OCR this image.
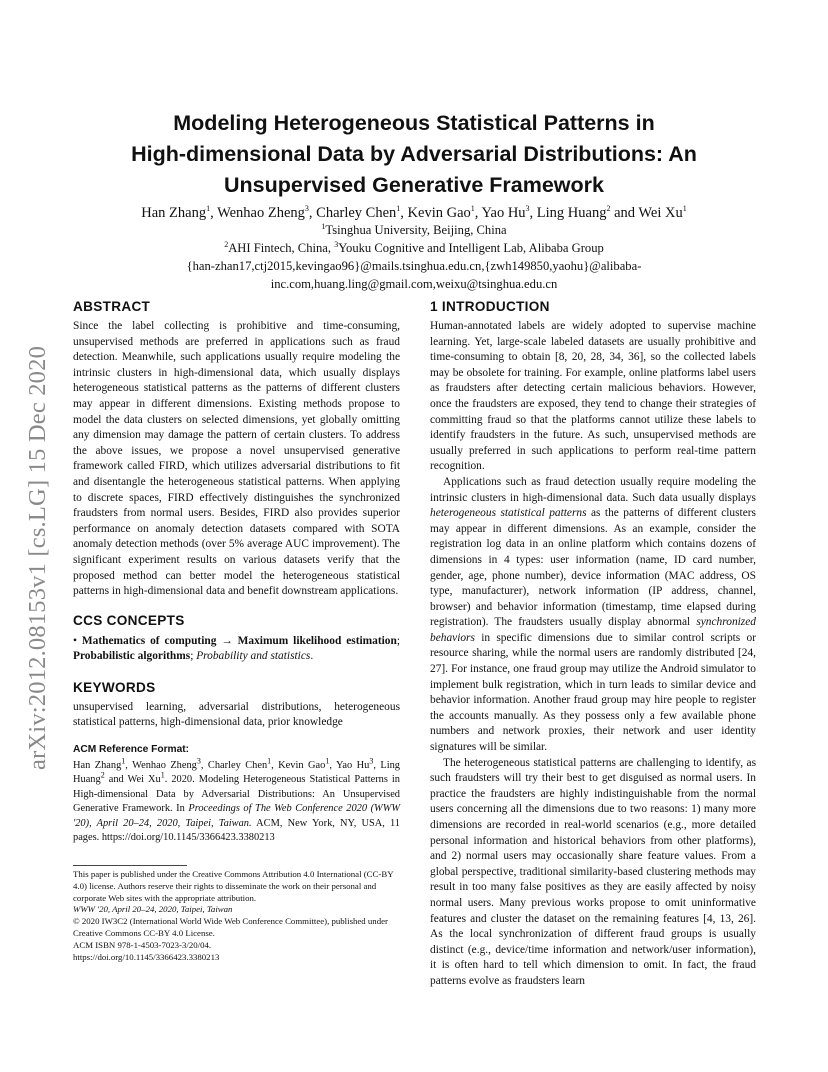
arXiv:2012.08153v1 [cs.LG] 15 Dec 2020
Modeling Heterogeneous Statistical Patterns in
High-dimensional Data by Adversarial Distributions: An
Unsupervised Generative Framework
Han Zhang$^1$, Wenhao Zheng$^3$, Charley Chen$^1$, Kevin Gao$^1$, Yao Hu$^3$, Ling Huang$^2$ and Wei Xu$^1$
$^1$Tsinghua University, Beijing, China
$^2$AHI Fintech, China, $^3$Youku Cognitive and Intelligent Lab, Alibaba Group
{han-zhan17,ctj2015,kevingao96}@mails.tsinghua.edu.cn,{zwh149850,yaohu}@alibaba-
inc.com,huang.ling@gmail.com,weixu@tsinghua.edu.cn
ABSTRACT

Since the label collecting is prohibitive and time-consuming, unsupervised methods are preferred in applications such as fraud detection. Meanwhile, such applications usually require modeling the intrinsic clusters in high-dimensional data, which usually displays heterogeneous statistical patterns as the patterns of different clusters may appear in different dimensions. Existing methods propose to model the data clusters on selected dimensions, yet globally omitting any dimension may damage the pattern of certain clusters. To address the above issues, we propose a novel unsupervised generative framework called FIRD, which utilizes adversarial distributions to fit and disentangle the heterogeneous statistical patterns. When applying to discrete spaces, FIRD effectively distinguishes the synchronized fraudsters from normal users. Besides, FIRD also provides superior performance on anomaly detection datasets compared with SOTA anomaly detection methods (over 5% average AUC improvement). The significant experiment results on various datasets verify that the proposed method can better model the heterogeneous statistical patterns in high-dimensional data and benefit downstream applications.

CCS CONCEPTS
• Mathematics of computing → Maximum likelihood estimation; Probabilistic algorithms; Probability and statistics.
KEYWORDS

unsupervised learning, adversarial distributions, heterogeneous statistical patterns, high-dimensional data, prior knowledge

ACM Reference Format:
Han Zhang$^1$, Wenhao Zheng$^3$, Charley Chen$^1$, Kevin Gao$^1$, Yao Hu$^3$, Ling Huang$^2$ and Wei Xu$^1$. 2020. Modeling Heterogeneous Statistical Patterns in High-dimensional Data by Adversarial Distributions: An Unsupervised Generative Framework. In Proceedings of The Web Conference 2020 (WWW '20), April 20–24, 2020, Taipei, Taiwan. ACM, New York, NY, USA, 11 pages. https://doi.org/10.1145/3366423.3380213
This paper is published under the Creative Commons Attribution 4.0 International (CC-BY 4.0) license. Authors reserve their rights to disseminate the work on their personal and corporate Web sites with the appropriate attribution.
WWW '20, April 20–24, 2020, Taipei, Taiwan
© 2020 IW3C2 (International World Wide Web Conference Committee), published under Creative Commons CC-BY 4.0 License.
ACM ISBN 978-1-4503-7023-3/20/04.
https://doi.org/10.1145/3366423.3380213
1 INTRODUCTION

Human-annotated labels are widely adopted to supervise machine learning. Yet, large-scale labeled datasets are usually prohibitive and time-consuming to obtain [8, 20, 28, 34, 36], so the collected labels may be obsolete for training. For example, online platforms label users as fraudsters after detecting certain malicious behaviors. However, once the fraudsters are exposed, they tend to change their strategies of committing fraud so that the platforms cannot utilize these labels to identify fraudsters in the future. As such, unsupervised methods are usually preferred in such applications to perform real-time pattern recognition.

Applications such as fraud detection usually require modeling the intrinsic clusters in high-dimensional data. Such data usually displays heterogeneous statistical patterns as the patterns of different clusters may appear in different dimensions. As an example, consider the registration log data in an online platform which contains dozens of dimensions in 4 types: user information (name, ID card number, gender, age, phone number), device information (MAC address, OS type, manufacturer), network information (IP address, channel, browser) and behavior information (timestamp, time elapsed during registration). The fraudsters usually display abnormal synchronized behaviors in specific dimensions due to similar control scripts or resource sharing, while the normal users are randomly distributed [24, 27]. For instance, one fraud group may utilize the Android simulator to implement bulk registration, which in turn leads to similar device and behavior information. Another fraud group may hire people to register the accounts manually. As they possess only a few available phone numbers and network proxies, their network and user identity signatures will be similar.

The heterogeneous statistical patterns are challenging to identify, as such fraudsters will try their best to get disguised as normal users. In practice the fraudsters are highly indistinguishable from the normal users concerning all the dimensions due to two reasons: 1) many more dimensions are recorded in real-world scenarios (e.g., more detailed personal information and historical behaviors from other platforms), and 2) normal users may occasionally share feature values. From a global perspective, traditional similarity-based clustering methods may result in too many false positives as they are easily affected by noisy normal users. Many previous works propose to omit uninformative features and cluster the dataset on the remaining features [4, 13, 26]. As the local synchronization of different fraud groups is usually distinct (e.g., device/time information and network/user information), it is often hard to tell which dimension to omit. In fact, the fraud patterns evolve as fraudsters learn
